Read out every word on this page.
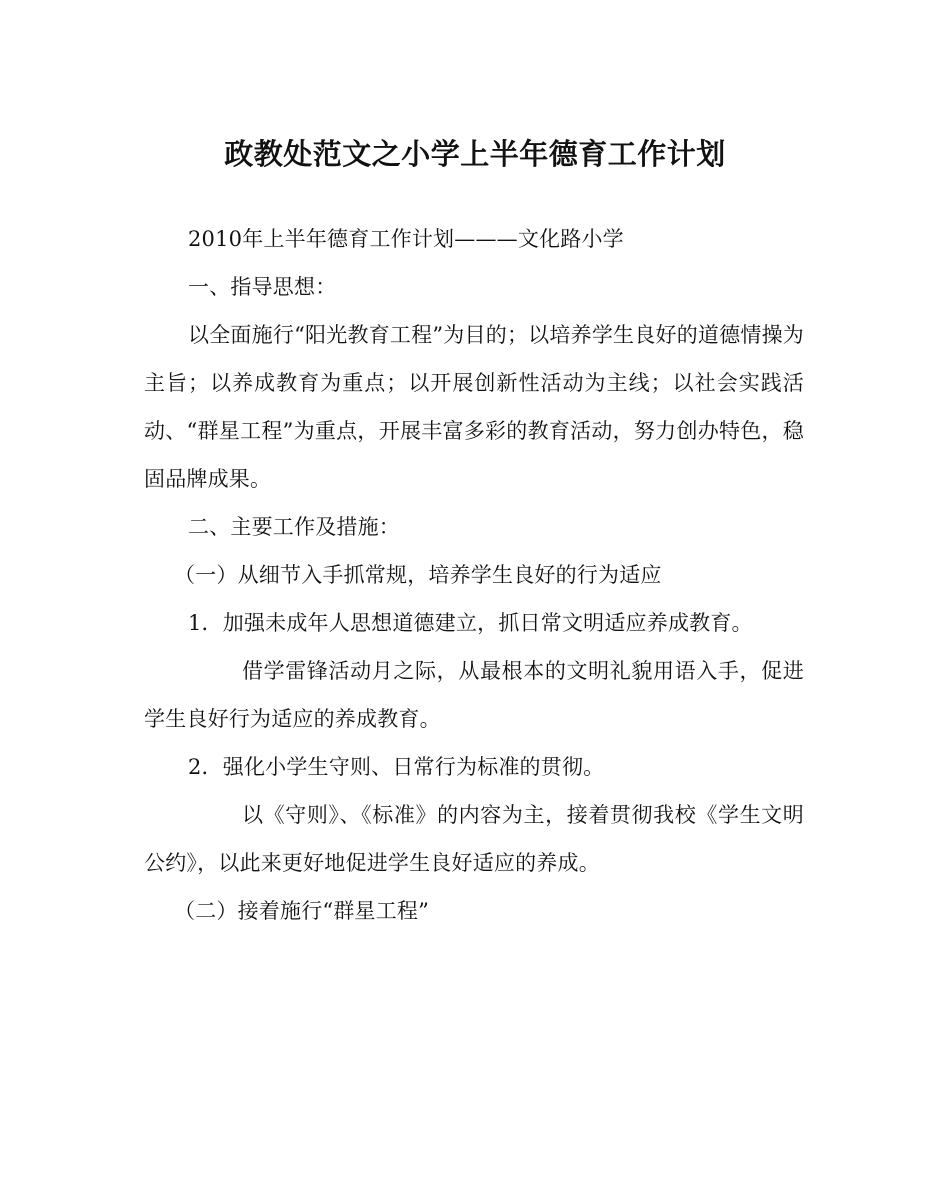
政教处范文之小学上半年德育工作计划
2010年上半年德育工作计划———文化路小学
一、指导思想：
以全面施行“阳光教育工程”为目的；以培养学生良好的道德情操为主旨；以养成教育为重点；以开展创新性活动为主线；以社会实践活动、“群星工程”为重点，开展丰富多彩的教育活动，努力创办特色，稳固品牌成果。
二、主要工作及措施：
（一）从细节入手抓常规，培养学生良好的行为适应
1．加强未成年人思想道德建立，抓日常文明适应养成教育。
借学雷锋活动月之际，从最根本的文明礼貌用语入手，促进学生良好行为适应的养成教育。
2．强化小学生守则、日常行为标准的贯彻。
以《守则》、《标准》的内容为主，接着贯彻我校《学生文明公约》，以此来更好地促进学生良好适应的养成。
（二）接着施行“群星工程”
